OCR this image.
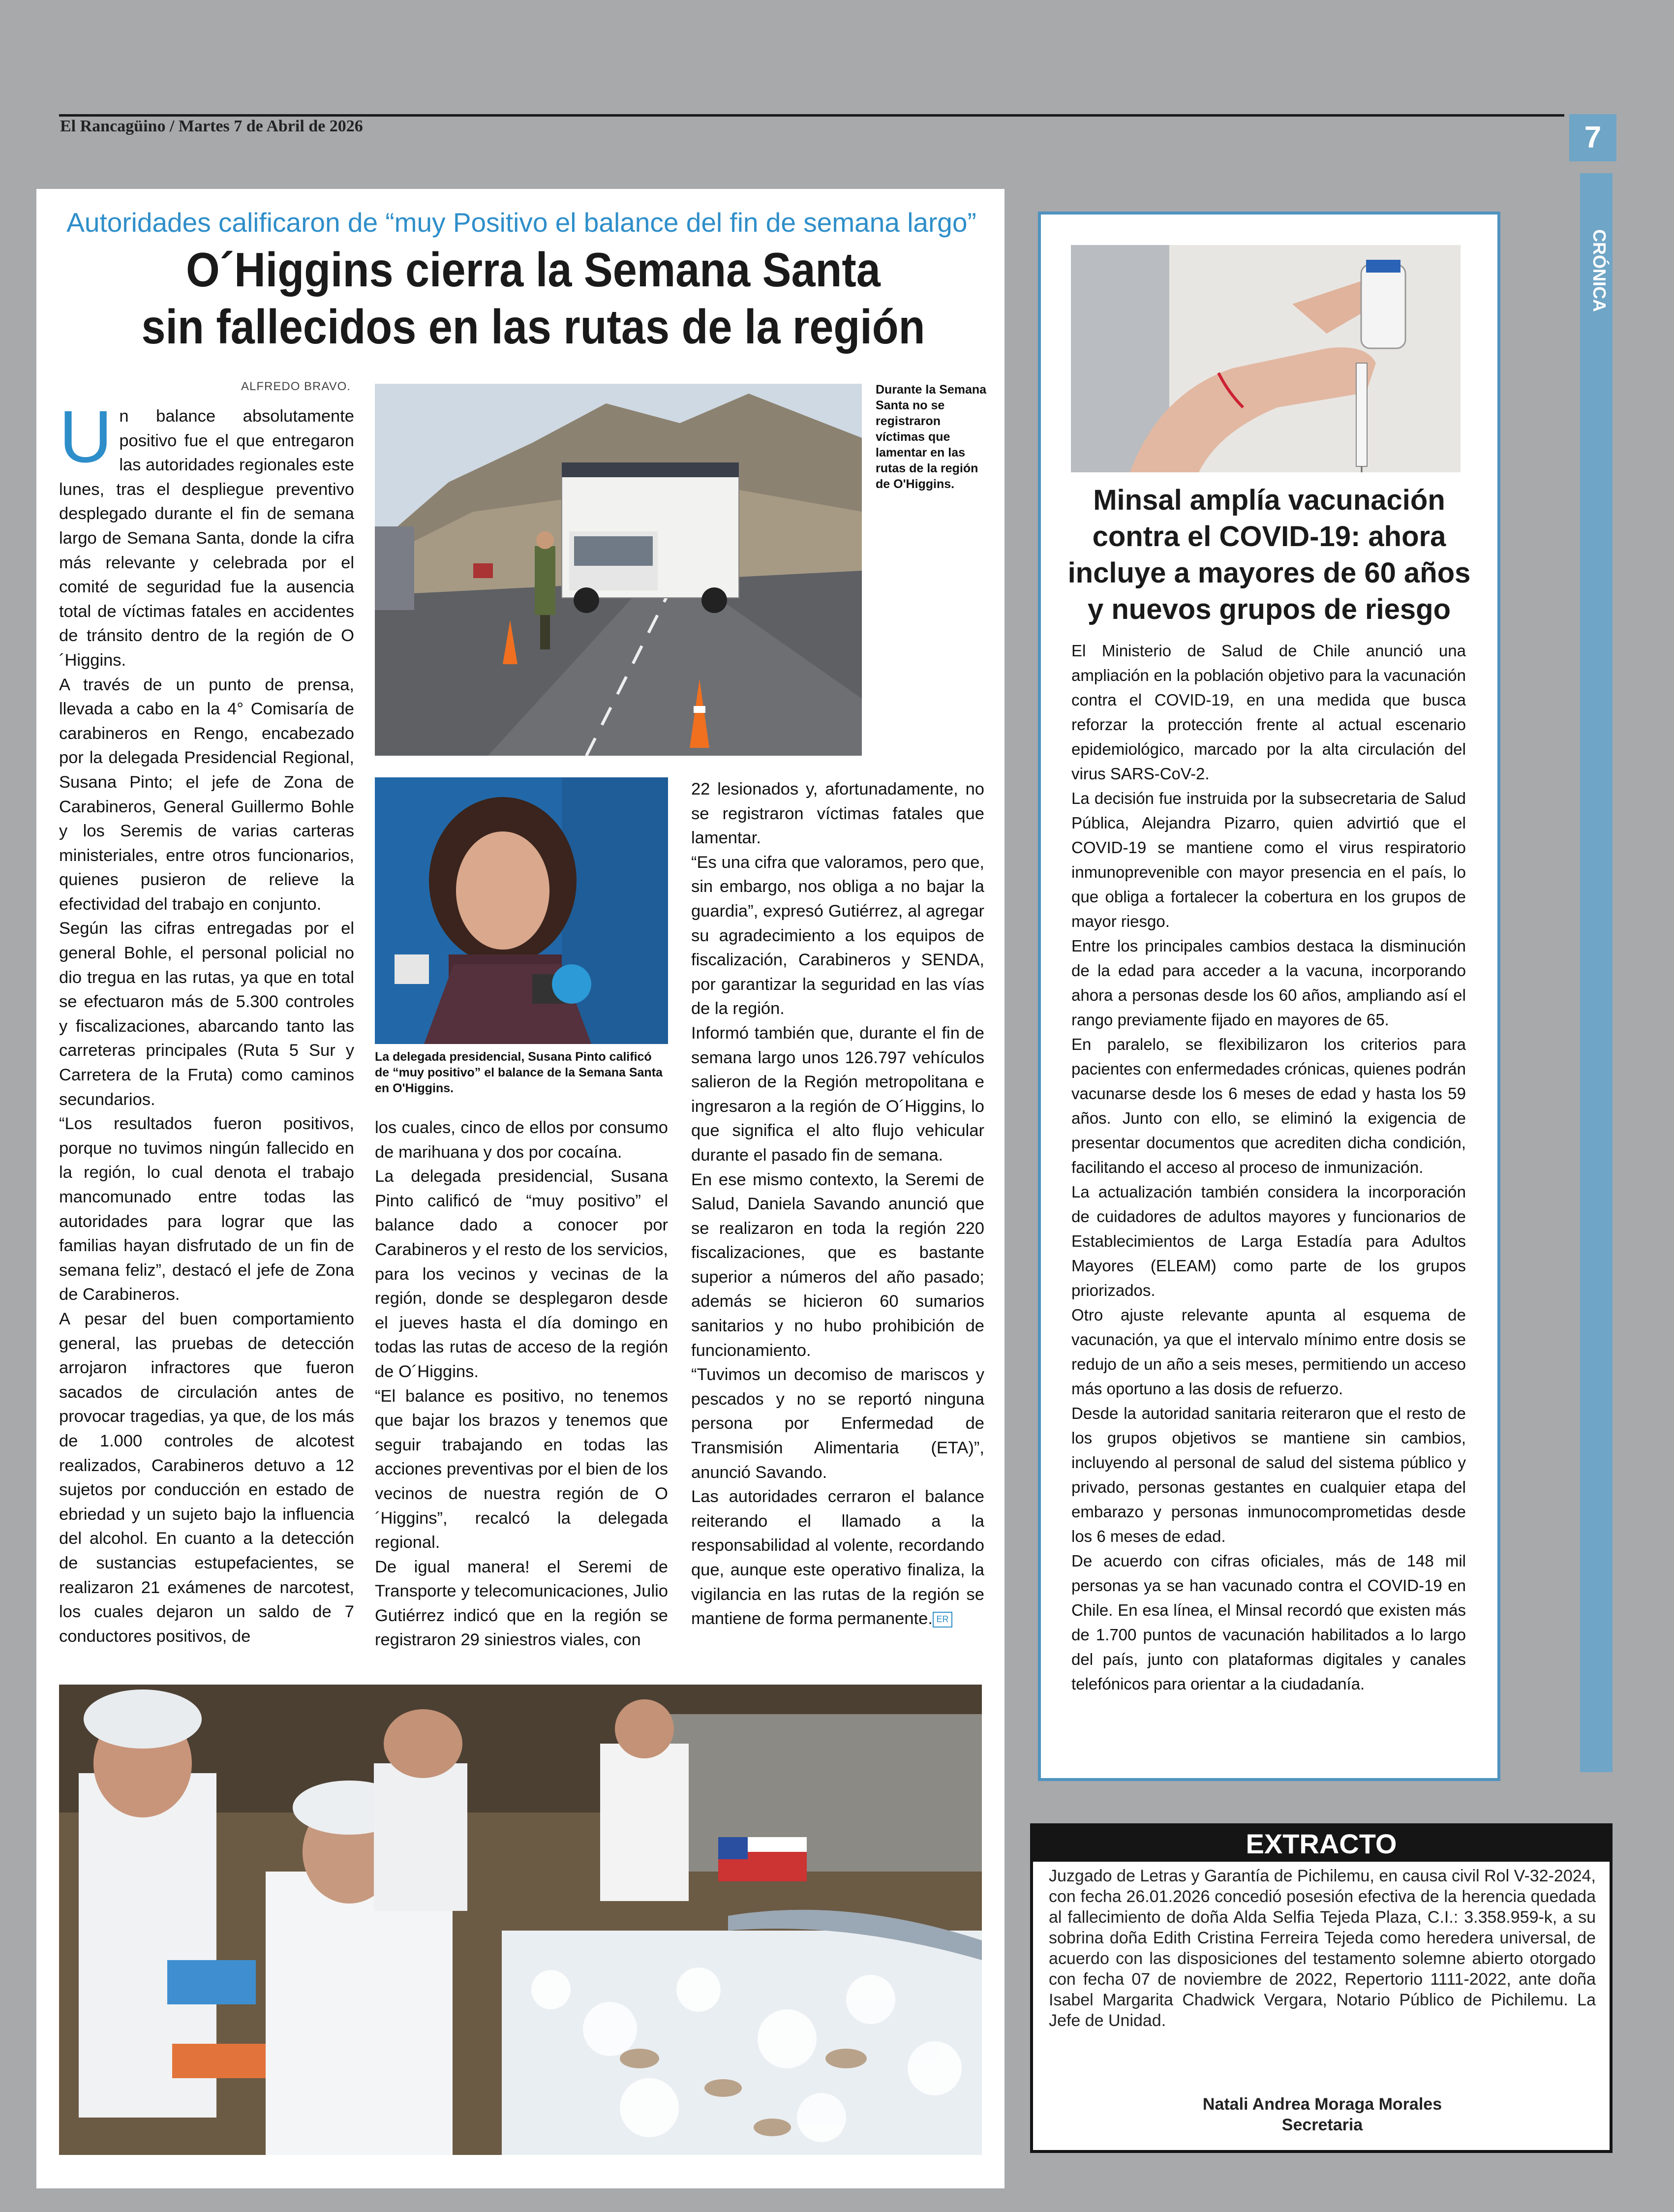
El Rancagüino / Martes 7 de Abril de 2026	7
CRÓNICA
Autoridades calificaron de “muy Positivo el balance del fin de semana largo”
O´Higgins cierra la Semana Santa
sin fallecidos en las rutas de la región
ALFREDO BRAVO.

Un balance absolutamente positivo fue el que entregaron las autoridades regionales este lunes, tras el despliegue preventivo desplegado durante el fin de semana largo de Semana Santa, donde la cifra más relevante y celebrada por el comité de seguridad fue la ausencia total de víctimas fatales en accidentes de tránsito dentro de la región de O´Higgins.

A través de un punto de prensa, llevada a cabo en la 4° Comisaría de carabineros en Rengo, encabezado por la delegada Presidencial Regional, Susana Pinto; el jefe de Zona de Carabineros, General Guillermo Bohle y los Seremis de varias carteras ministeriales, entre otros funcionarios, quienes pusieron de relieve la efectividad del trabajo en conjunto.

Según las cifras entregadas por el general Bohle, el personal policial no dio tregua en las rutas, ya que en total se efectuaron más de 5.300 controles y fiscalizaciones, abarcando tanto las carreteras principales (Ruta 5 Sur y Carretera de la Fruta) como caminos secundarios.

“Los resultados fueron positivos, porque no tuvimos ningún fallecido en la región, lo cual denota el trabajo mancomunado entre todas las autoridades para lograr que las familias hayan disfrutado de un fin de semana feliz”, destacó el jefe de Zona de Carabineros.

A pesar del buen comportamiento general, las pruebas de detección arrojaron infractores que fueron sacados de circulación antes de provocar tragedias, ya que, de los más de 1.000 controles de alcotest realizados, Carabineros detuvo a 12 sujetos por conducción en estado de ebriedad y un sujeto bajo la influencia del alcohol. En cuanto a la detección de sustancias estupefacientes, se realizaron 21 exámenes de narcotest, los cuales dejaron un saldo de 7 conductores positivos, de

Durante la Semana Santa no se registraron víctimas que lamentar en las rutas de la región de O'Higgins.
La delegada presidencial, Susana Pinto calificó de “muy positivo” el balance de la Semana Santa en O'Higgins.

los cuales, cinco de ellos por consumo de marihuana y dos por cocaína.

La delegada presidencial, Susana Pinto calificó de “muy positivo” el balance dado a conocer por Carabineros y el resto de los servicios, para los vecinos y vecinas de la región, donde se desplegaron desde el jueves hasta el día domingo en todas las rutas de acceso de la región de O´Higgins.

“El balance es positivo, no tenemos que bajar los brazos y tenemos que seguir trabajando en todas las acciones preventivas por el bien de los vecinos de nuestra región de O´Higgins”, recalcó la delegada regional.

De igual manera! el Seremi de Transporte y telecomunicaciones, Julio Gutiérrez indicó que en la región se registraron 29 siniestros viales, con

22 lesionados y, afortunadamente, no se registraron víctimas fatales que lamentar.

“Es una cifra que valoramos, pero que, sin embargo, nos obliga a no bajar la guardia”, expresó Gutiérrez, al agregar su agradecimiento a los equipos de fiscalización, Carabineros y SENDA, por garantizar la seguridad en las vías de la región.

Informó también que, durante el fin de semana largo unos 126.797 vehículos salieron de la Región metropolitana e ingresaron a la región de O´Higgins, lo que significa el alto flujo vehicular durante el pasado fin de semana.

En ese mismo contexto, la Seremi de Salud, Daniela Savando anunció que se realizaron en toda la región 220 fiscalizaciones, que es bastante superior a números del año pasado; además se hicieron 60 sumarios sanitarios y no hubo prohibición de funcionamiento.

“Tuvimos un decomiso de mariscos y pescados y no se reportó ninguna persona por Enfermedad de Transmisión Alimentaria (ETA)”, anunció Savando.

Las autoridades cerraron el balance reiterando el llamado a la responsabilidad al volente, recordando que, aunque este operativo finaliza, la vigilancia en las rutas de la región se mantiene de forma permanente. ER

Minsal amplía vacunación contra el COVID-19: ahora incluye a mayores de 60 años y nuevos grupos de riesgo

El Ministerio de Salud de Chile anunció una ampliación en la población objetivo para la vacunación contra el COVID-19, en una medida que busca reforzar la protección frente al actual escenario epidemiológico, marcado por la alta circulación del virus SARS-CoV-2.

La decisión fue instruida por la subsecretaria de Salud Pública, Alejandra Pizarro, quien advirtió que el COVID-19 se mantiene como el virus respiratorio inmunoprevenible con mayor presencia en el país, lo que obliga a fortalecer la cobertura en los grupos de mayor riesgo.

Entre los principales cambios destaca la disminución de la edad para acceder a la vacuna, incorporando ahora a personas desde los 60 años, ampliando así el rango previamente fijado en mayores de 65.

En paralelo, se flexibilizaron los criterios para pacientes con enfermedades crónicas, quienes podrán vacunarse desde los 6 meses de edad y hasta los 59 años. Junto con ello, se eliminó la exigencia de presentar documentos que acrediten dicha condición, facilitando el acceso al proceso de inmunización.

La actualización también considera la incorporación de cuidadores de adultos mayores y funcionarios de Establecimientos de Larga Estadía para Adultos Mayores (ELEAM) como parte de los grupos priorizados.

Otro ajuste relevante apunta al esquema de vacunación, ya que el intervalo mínimo entre dosis se redujo de un año a seis meses, permitiendo un acceso más oportuno a las dosis de refuerzo.

Desde la autoridad sanitaria reiteraron que el resto de los grupos objetivos se mantiene sin cambios, incluyendo al personal de salud del sistema público y privado, personas gestantes en cualquier etapa del embarazo y personas inmunocomprometidas desde los 6 meses de edad.

De acuerdo con cifras oficiales, más de 148 mil personas ya se han vacunado contra el COVID-19 en Chile. En esa línea, el Minsal recordó que existen más de 1.700 puntos de vacunación habilitados a lo largo del país, junto con plataformas digitales y canales telefónicos para orientar a la ciudadanía.

EXTRACTO
Juzgado de Letras y Garantía de Pichilemu, en causa civil Rol V-32-2024, con fecha 26.01.2026 concedió posesión efectiva de la herencia quedada al fallecimiento de doña Alda Selfia Tejeda Plaza, C.I.: 3.358.959-k, a su sobrina doña Edith Cristina Ferreira Tejeda como heredera universal, de acuerdo con las disposiciones del testamento solemne abierto otorgado con fecha 07 de noviembre de 2022, Repertorio 1111-2022, ante doña Isabel Margarita Chadwick Vergara, Notario Público de Pichilemu. La Jefe de Unidad.
Natali Andrea Moraga Morales
Secretaria
